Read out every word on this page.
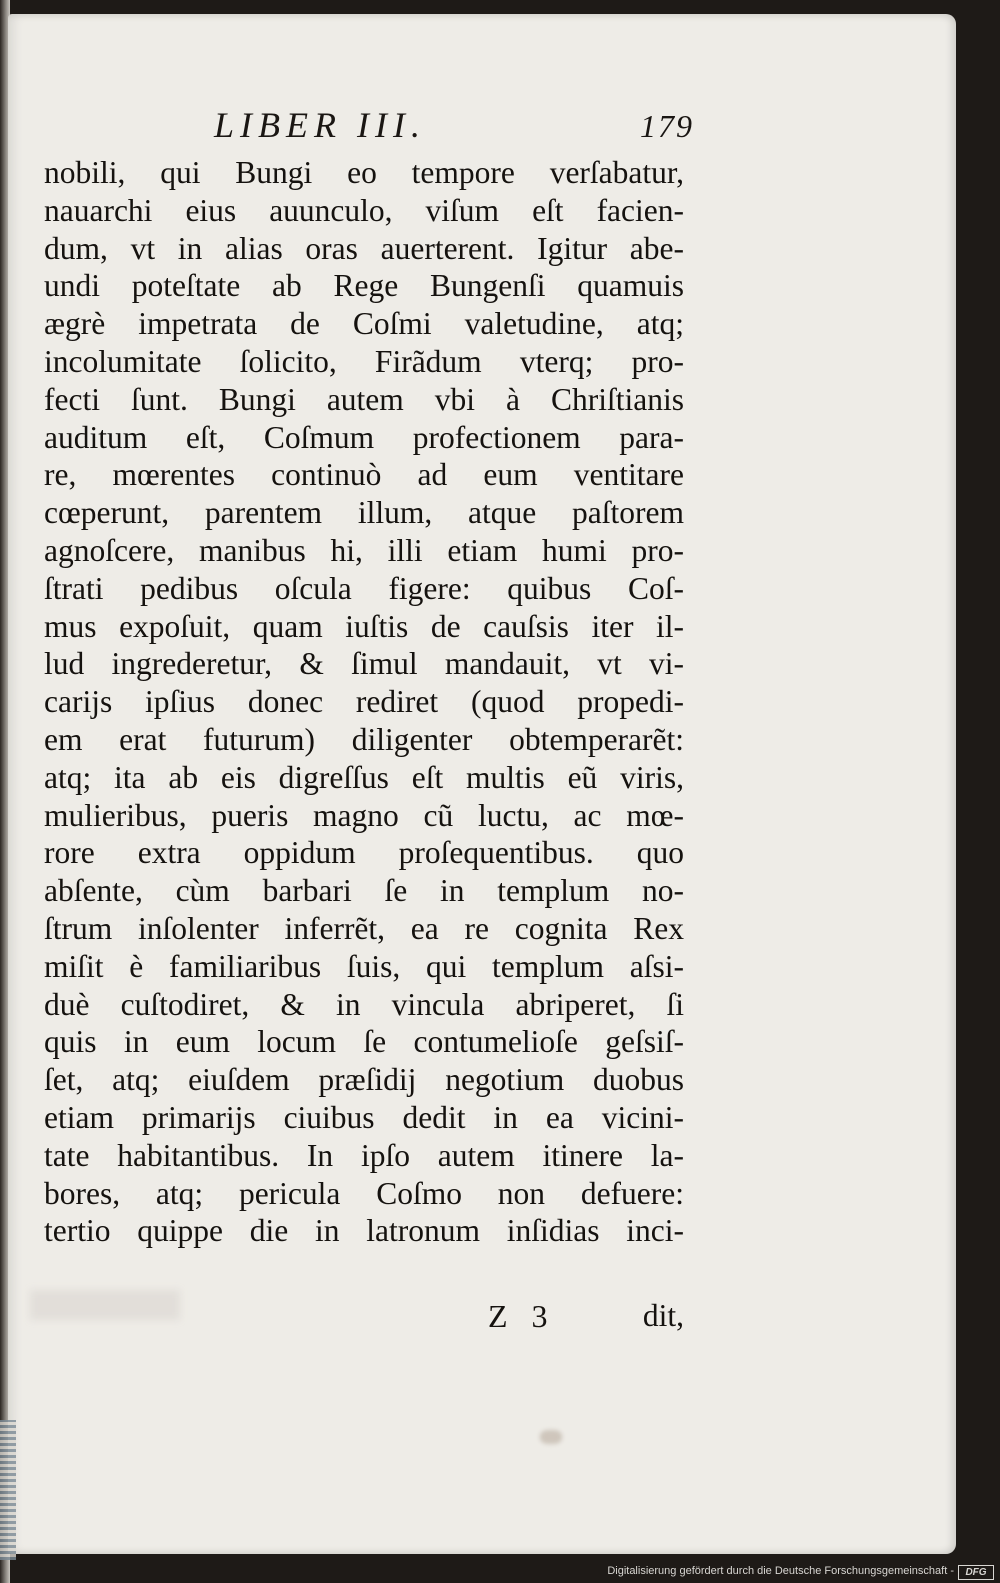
LIBER III.	179
nobili, qui Bungi eo tempore verſabatur,
nauarchi eius auunculo, viſum eſt facien-
dum, vt in alias oras auerterent. Igitur abe-
undi poteſtate ab Rege Bungenſi quamuis
ægrè impetrata de Coſmi valetudine, atq;
incolumitate ſolicito, Firãdum vterq; pro-
fecti ſunt. Bungi autem vbi à Chriſtianis
auditum eſt, Coſmum profectionem para-
re, mœrentes continuò ad eum ventitare
cœperunt, parentem illum, atque paſtorem
agnoſcere, manibus hi, illi etiam humi pro-
ſtrati pedibus oſcula figere: quibus Coſ-
mus expoſuit, quam iuſtis de cauſsis iter il-
lud ingrederetur, & ſimul mandauit, vt vi-
carijs ipſius donec rediret (quod propedi-
em erat futurum) diligenter obtemperarẽt:
atq; ita ab eis digreſſus eſt multis eũ viris,
mulieribus, pueris magno cũ luctu, ac mœ-
rore extra oppidum proſequentibus. quo
abſente, cùm barbari ſe in templum no-
ſtrum inſolenter inferrẽt, ea re cognita Rex
miſit è familiaribus ſuis, qui templum aſsi-
duè cuſtodiret, & in vincula abriperet, ſi
quis in eum locum ſe contumelioſe geſsiſ-
ſet, atq; eiuſdem præſidij negotium duobus
etiam primarijs ciuibus dedit in ea vicini-
tate habitantibus. In ipſo autem itinere la-
bores, atq; pericula Coſmo non defuere:
tertio quippe die in latronum inſidias inci-
Z 3	dit,
Digitalisierung gefördert durch die Deutsche Forschungsgemeinschaft -	DFG
